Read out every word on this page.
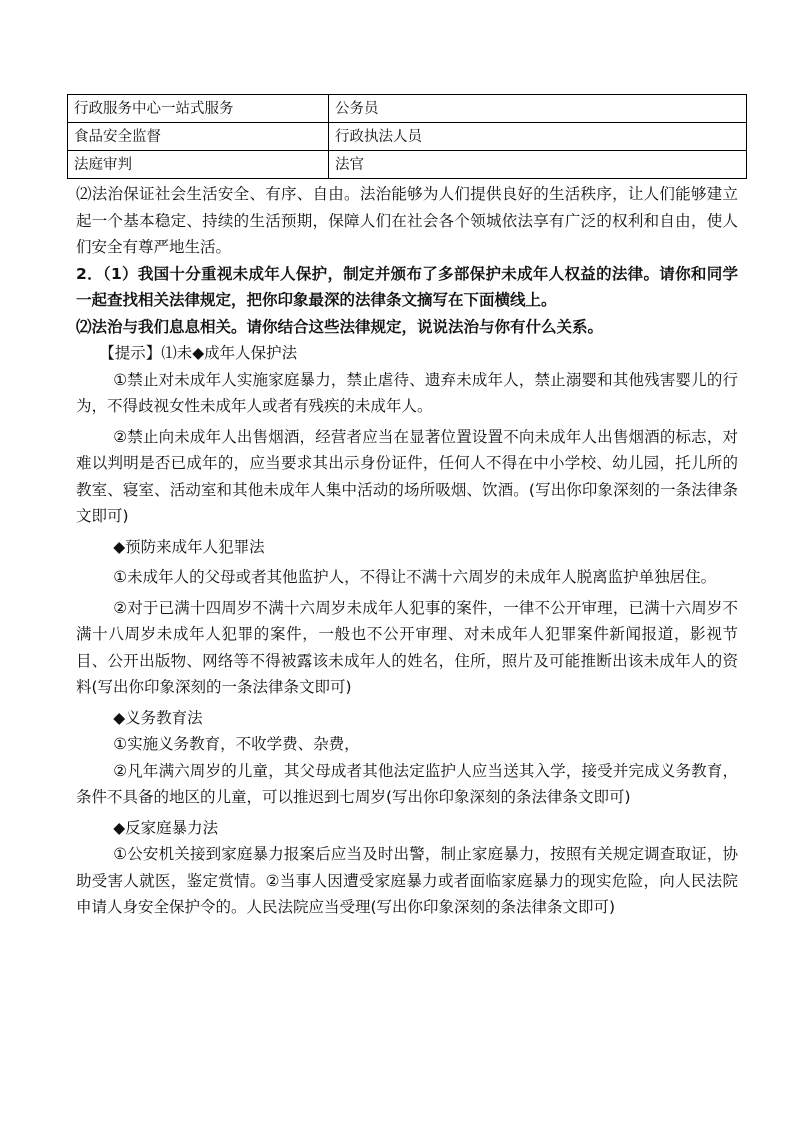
行政服务中心一站式服务	公务员
食品安全监督	行政执法人员
法庭审判	法官

⑵法治保证社会生活安全、有序、自由。法治能够为人们提供良好的生活秩序，让人们能够建立起一个基本稳定、持续的生活预期，保障人们在社会各个领城依法享有广泛的权利和自由，使人们安全有尊严地生活。

2．（1）我国十分重视未成年人保护，制定并颁布了多部保护未成年人权益的法律。请你和同学一起查找相关法律规定，把你印象最深的法律条文摘写在下面横线上。

⑵法治与我们息息相关。请你结合这些法律规定，说说法治与你有什么关系。

【提示】⑴未◆成年人保护法

①禁止对未成年人实施家庭暴力，禁止虐待、遗弃未成年人，禁止溺婴和其他残害婴儿的行为，不得歧视女性未成年人或者有残疾的未成年人。

②禁止向未成年人出售烟酒，经营者应当在显著位置设置不向未成年人出售烟酒的标志，对难以判明是否已成年的，应当要求其出示身份证件，任何人不得在中小学校、幼儿园，托儿所的教室、寝室、活动室和其他未成年人集中活动的场所吸烟、饮酒。(写出你印象深刻的一条法律条文即可)

◆预防来成年人犯罪法

①未成年人的父母或者其他监护人，不得让不满十六周岁的未成年人脱离监护单独居住。

②对于已满十四周岁不满十六周岁未成年人犯事的案件，一律不公开审理，已满十六周岁不满十八周岁未成年人犯罪的案件，一般也不公开审理、对未成年人犯罪案件新闻报道，影视节目、公开出版物、网络等不得被露该未成年人的姓名，住所，照片及可能推断出该未成年人的资料(写出你印象深刻的一条法律条文即可)

◆义务教育法

①实施义务教育，不收学费、杂费，

②凡年满六周岁的儿童，其父母成者其他法定监护人应当送其入学，接受并完成义务教育，条件不具备的地区的儿童，可以推迟到七周岁(写出你印象深刻的条法律条文即可)

◆反家庭暴力法

①公安机关接到家庭暴力报案后应当及时出警，制止家庭暴力，按照有关规定调查取证，协助受害人就医，鉴定赏情。②当事人因遭受家庭暴力或者面临家庭暴力的现实危险，向人民法院申请人身安全保护令的。人民法院应当受理(写出你印象深刻的条法律条文即可)
